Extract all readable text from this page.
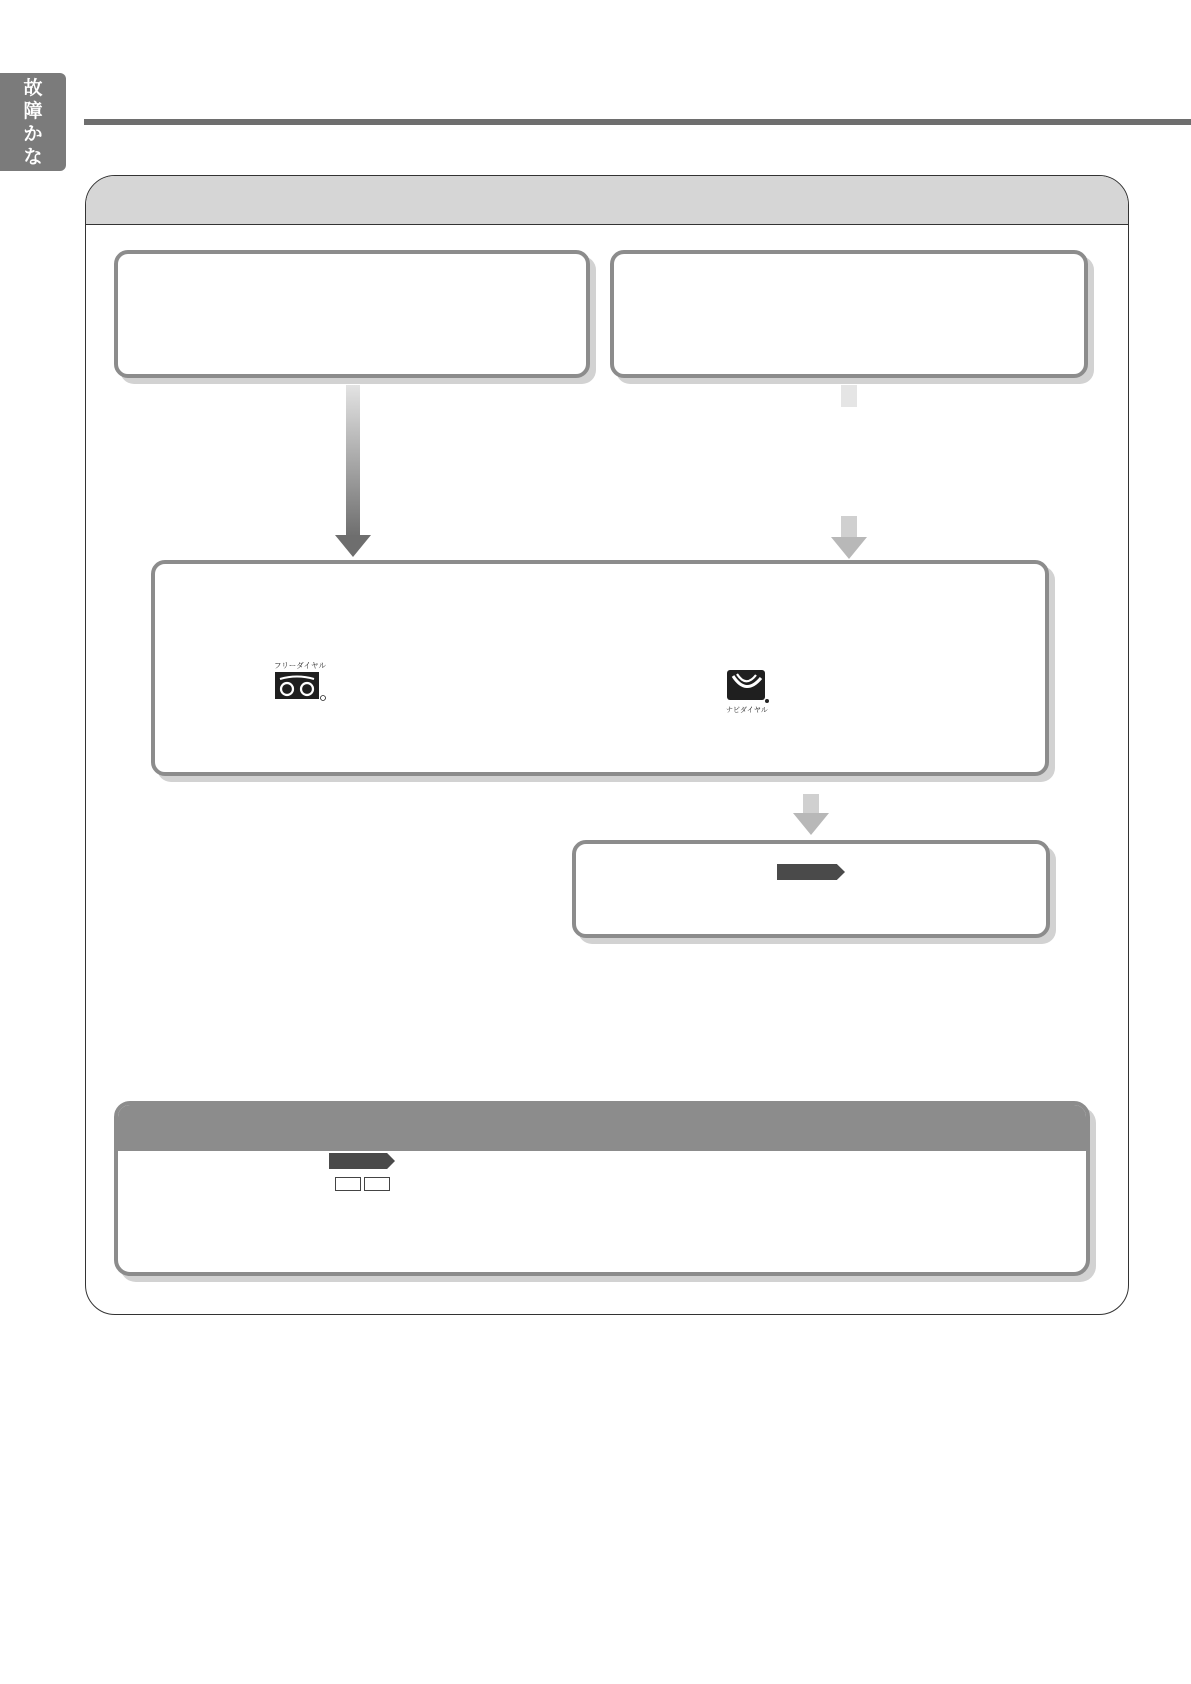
故
障
か
な
?
フリーダイヤル
ナビダイヤル
